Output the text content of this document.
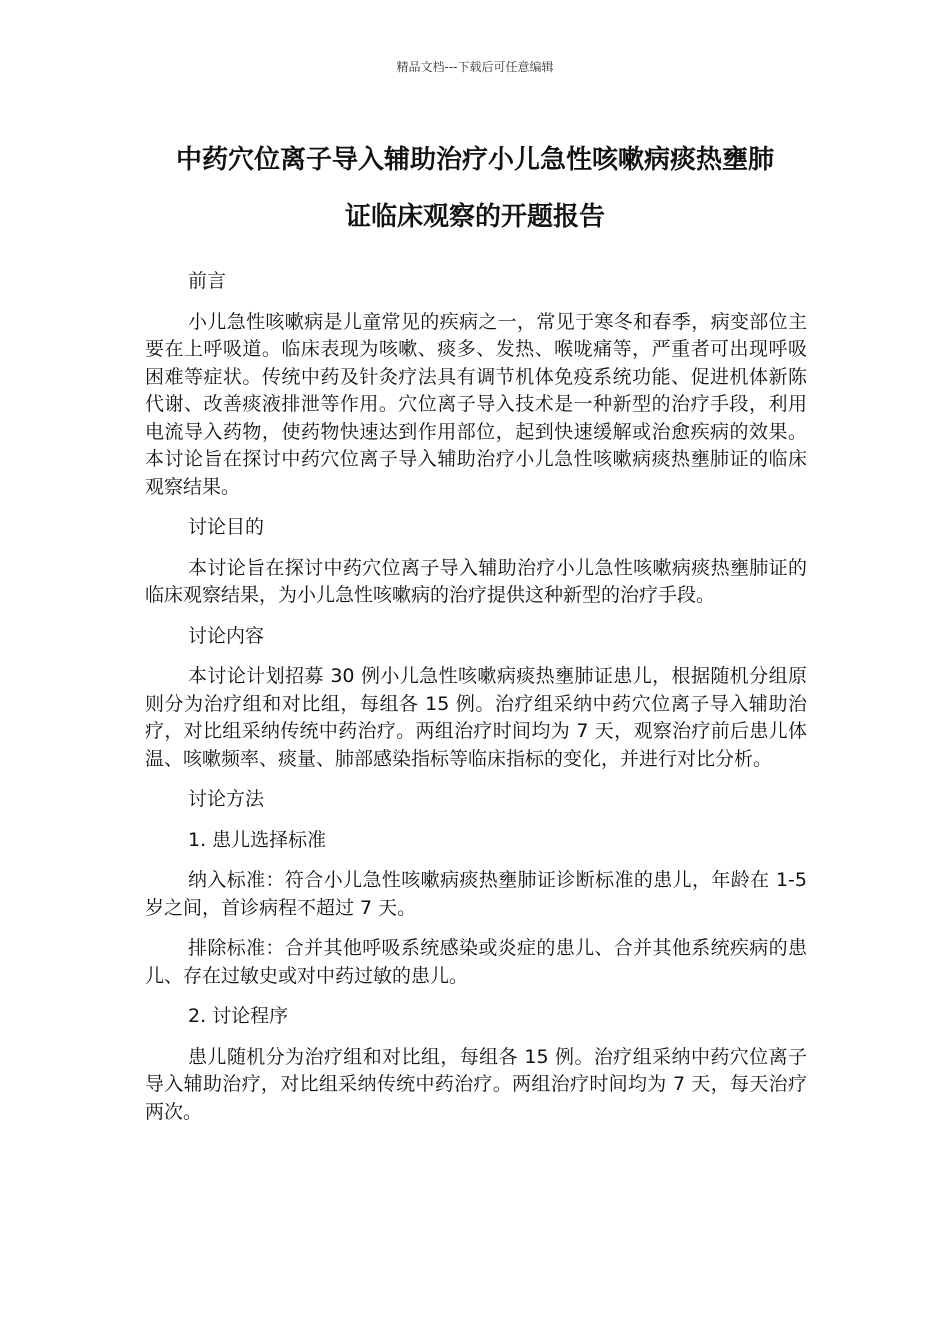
精品文档---下载后可任意编辑
中药穴位离子导入辅助治疗小儿急性咳嗽病痰热壅肺
证临床观察的开题报告
前言
小儿急性咳嗽病是儿童常见的疾病之一，常见于寒冬和春季，病变部位主要在上呼吸道。临床表现为咳嗽、痰多、发热、喉咙痛等，严重者可出现呼吸困难等症状。传统中药及针灸疗法具有调节机体免疫系统功能、促进机体新陈代谢、改善痰液排泄等作用。穴位离子导入技术是一种新型的治疗手段，利用电流导入药物，使药物快速达到作用部位，起到快速缓解或治愈疾病的效果。本讨论旨在探讨中药穴位离子导入辅助治疗小儿急性咳嗽病痰热壅肺证的临床观察结果。
讨论目的
本讨论旨在探讨中药穴位离子导入辅助治疗小儿急性咳嗽病痰热壅肺证的临床观察结果，为小儿急性咳嗽病的治疗提供这种新型的治疗手段。
讨论内容
本讨论计划招募 30 例小儿急性咳嗽病痰热壅肺证患儿，根据随机分组原则分为治疗组和对比组，每组各 15 例。治疗组采纳中药穴位离子导入辅助治疗，对比组采纳传统中药治疗。两组治疗时间均为 7 天，观察治疗前后患儿体温、咳嗽频率、痰量、肺部感染指标等临床指标的变化，并进行对比分析。
讨论方法
1. 患儿选择标准
纳入标准：符合小儿急性咳嗽病痰热壅肺证诊断标准的患儿，年龄在 1-5 岁之间，首诊病程不超过 7 天。
排除标准：合并其他呼吸系统感染或炎症的患儿、合并其他系统疾病的患儿、存在过敏史或对中药过敏的患儿。
2. 讨论程序
患儿随机分为治疗组和对比组，每组各 15 例。治疗组采纳中药穴位离子导入辅助治疗，对比组采纳传统中药治疗。两组治疗时间均为 7 天，每天治疗两次。
